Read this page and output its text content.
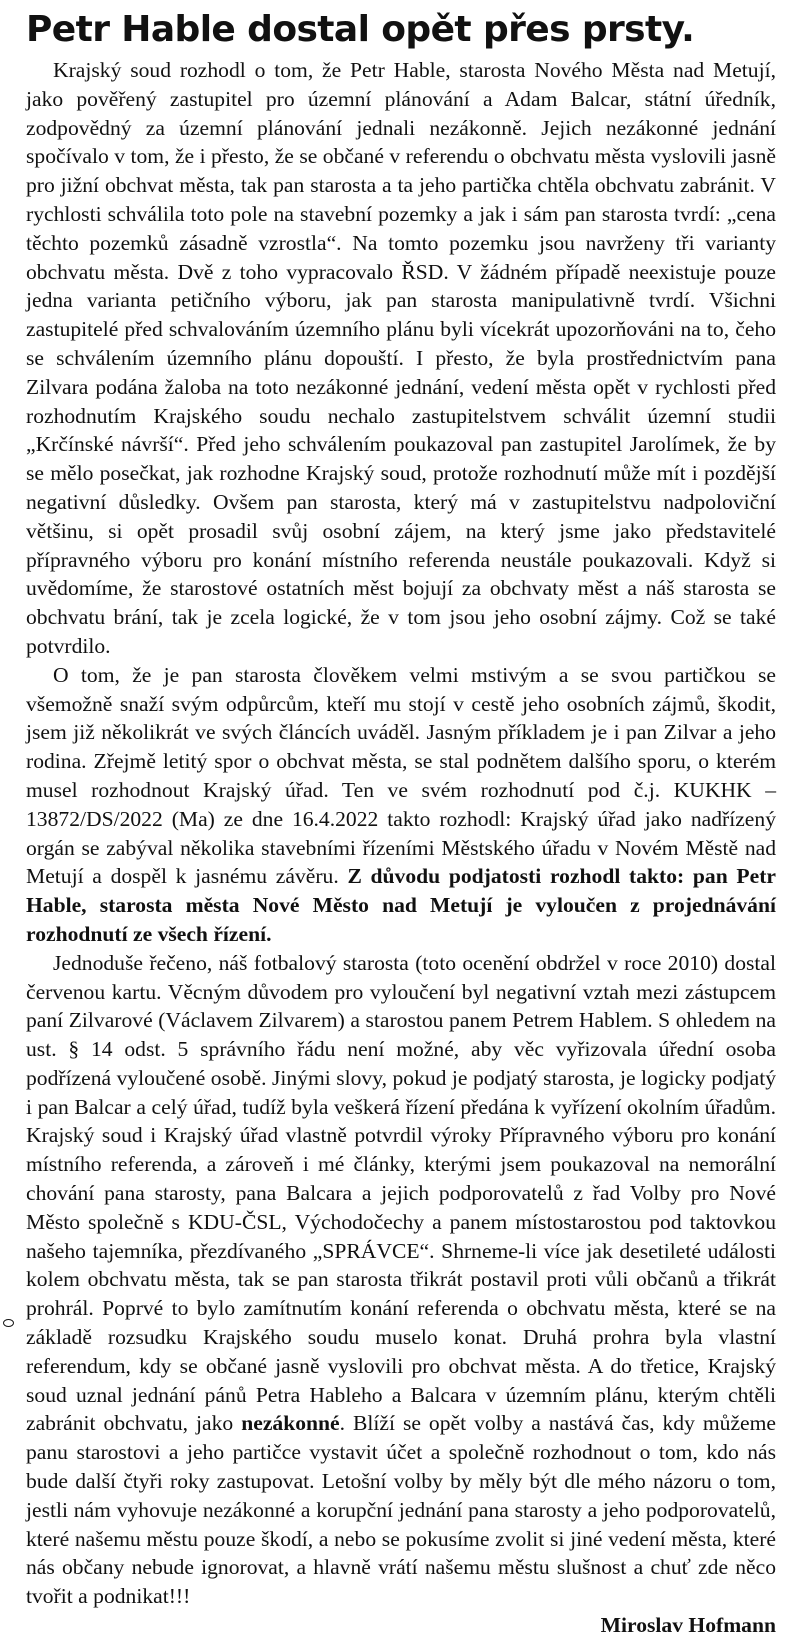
Petr Hable dostal opět přes prsty.

Krajský soud rozhodl o tom, že Petr Hable, starosta Nového Města nad Metují, jako pověřený zastupitel pro územní plánování a Adam Balcar, státní úředník, zodpovědný za územní plánování jednali nezákonně. Jejich nezákonné jednání spočívalo v tom, že i přesto, že se občané v referendu o obchvatu města vyslovili jasně pro jižní obchvat města, tak pan starosta a ta jeho partička chtěla obchvatu zabránit. V rychlosti schválila toto pole na stavební pozemky a jak i sám pan starosta tvrdí: „cena těchto pozemků zásadně vzrostla“. Na tomto pozemku jsou navrženy tři varianty obchvatu města. Dvě z toho vypracovalo ŘSD. V žádném případě neexistuje pouze jedna varianta petičního výboru, jak pan starosta manipulativně tvrdí. Všichni zastupitelé před schvalováním územního plánu byli vícekrát upozorňováni na to, čeho se schválením územního plánu dopouští. I přesto, že byla prostřednictvím pana Zilvara podána žaloba na toto nezákonné jednání, vedení města opět v rychlosti před rozhodnutím Krajského soudu nechalo zastupitelstvem schválit územní studii „Krčínské návrší“. Před jeho schválením poukazoval pan zastupitel Jarolímek, že by se mělo posečkat, jak rozhodne Krajský soud, protože rozhodnutí může mít i pozdější negativní důsledky. Ovšem pan starosta, který má v zastupitelstvu nadpoloviční většinu, si opět prosadil svůj osobní zájem, na který jsme jako představitelé přípravného výboru pro konání místního referenda neustále poukazovali. Když si uvědomíme, že starostové ostatních měst bojují za obchvaty měst a náš starosta se obchvatu brání, tak je zcela logické, že v tom jsou jeho osobní zájmy. Což se také potvrdilo.

O tom, že je pan starosta člověkem velmi mstivým a se svou partičkou se všemožně snaží svým odpůrcům, kteří mu stojí v cestě jeho osobních zájmů, škodit, jsem již několikrát ve svých článcích uváděl. Jasným příkladem je i pan Zilvar a jeho rodina. Zřejmě letitý spor o obchvat města, se stal podnětem dalšího sporu, o kterém musel rozhodnout Krajský úřad. Ten ve svém rozhodnutí pod č.j. KUKHK – 13872/DS/2022 (Ma) ze dne 16.4.2022 takto rozhodl: Krajský úřad jako nadřízený orgán se zabýval několika stavebními řízeními Městského úřadu v Novém Městě nad Metují a dospěl k jasnému závěru. Z důvodu podjatosti rozhodl takto: pan Petr Hable, starosta města Nové Město nad Metují je vyloučen z projednávání rozhodnutí ze všech řízení.

Jednoduše řečeno, náš fotbalový starosta (toto ocenění obdržel v roce 2010) dostal červenou kartu. Věcným důvodem pro vyloučení byl negativní vztah mezi zástupcem paní Zilvarové (Václavem Zilvarem) a starostou panem Petrem Hablem. S ohledem na ust. § 14 odst. 5 správního řádu není možné, aby věc vyřizovala úřední osoba podřízená vyloučené osobě. Jinými slovy, pokud je podjatý starosta, je logicky podjatý i pan Balcar a celý úřad, tudíž byla veškerá řízení předána k vyřízení okolním úřadům. Krajský soud i Krajský úřad vlastně potvrdil výroky Přípravného výboru pro konání místního referenda, a zároveň i mé články, kterými jsem poukazoval na nemorální chování pana starosty, pana Balcara a jejich podporovatelů z řad Volby pro Nové Město společně s KDU-ČSL, Východočechy a panem místostarostou pod taktovkou našeho tajemníka, přezdívaného „SPRÁVCE“. Shrneme-li více jak desetileté události kolem obchvatu města, tak se pan starosta třikrát postavil proti vůli občanů a třikrát prohrál. Poprvé to bylo zamítnutím konání referenda o obchvatu města, které se na základě rozsudku Krajského soudu muselo konat. Druhá prohra byla vlastní referendum, kdy se občané jasně vyslovili pro obchvat města. A do třetice, Krajský soud uznal jednání pánů Petra Hableho a Balcara v územním plánu, kterým chtěli zabránit obchvatu, jako nezákonné. Blíží se opět volby a nastává čas, kdy můžeme panu starostovi a jeho partičce vystavit účet a společně rozhodnout o tom, kdo nás bude další čtyři roky zastupovat. Letošní volby by měly být dle mého názoru o tom, jestli nám vyhovuje nezákonné a korupční jednání pana starosty a jeho podporovatelů, které našemu městu pouze škodí, a nebo se pokusíme zvolit si jiné vedení města, které nás občany nebude ignorovat, a hlavně vrátí našemu městu slušnost a chuť zde něco tvořit a podnikat!!!

Miroslav Hofmann
